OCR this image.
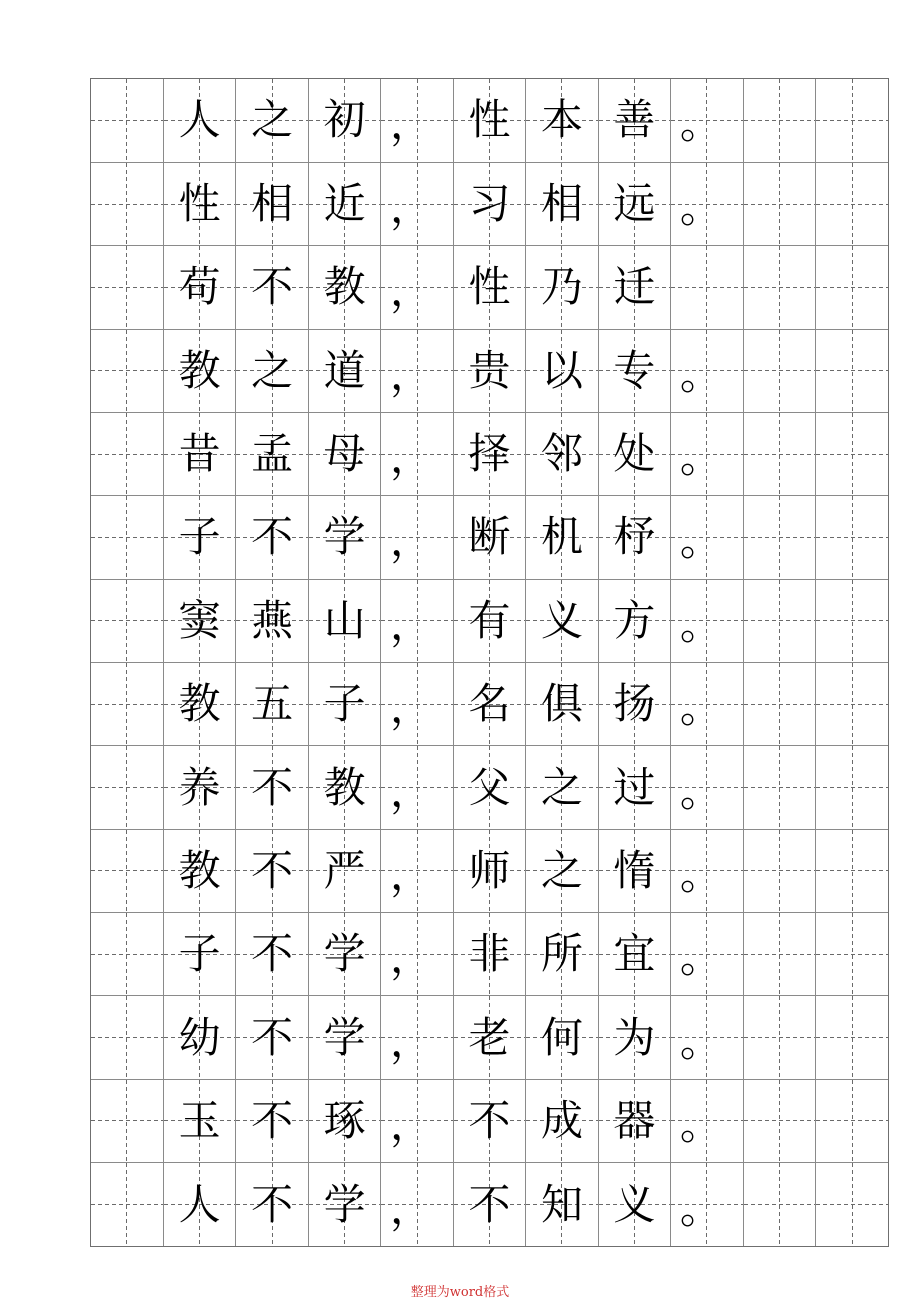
	人	之	初	，	性	本	善	。		
	性	相	近	，	习	相	远	。		
	苟	不	教	，	性	乃	迁			
	教	之	道	，	贵	以	专	。		
	昔	孟	母	，	择	邻	处	。		
	子	不	学	，	断	机	杼	。		
	窦	燕	山	，	有	义	方	。		
	教	五	子	，	名	俱	扬	。		
	养	不	教	，	父	之	过	。		
	教	不	严	，	师	之	惰	。		
	子	不	学	，	非	所	宜	。		
	幼	不	学	，	老	何	为	。		
	玉	不	琢	，	不	成	器	。		
	人	不	学	，	不	知	义	。		
整理为word格式
